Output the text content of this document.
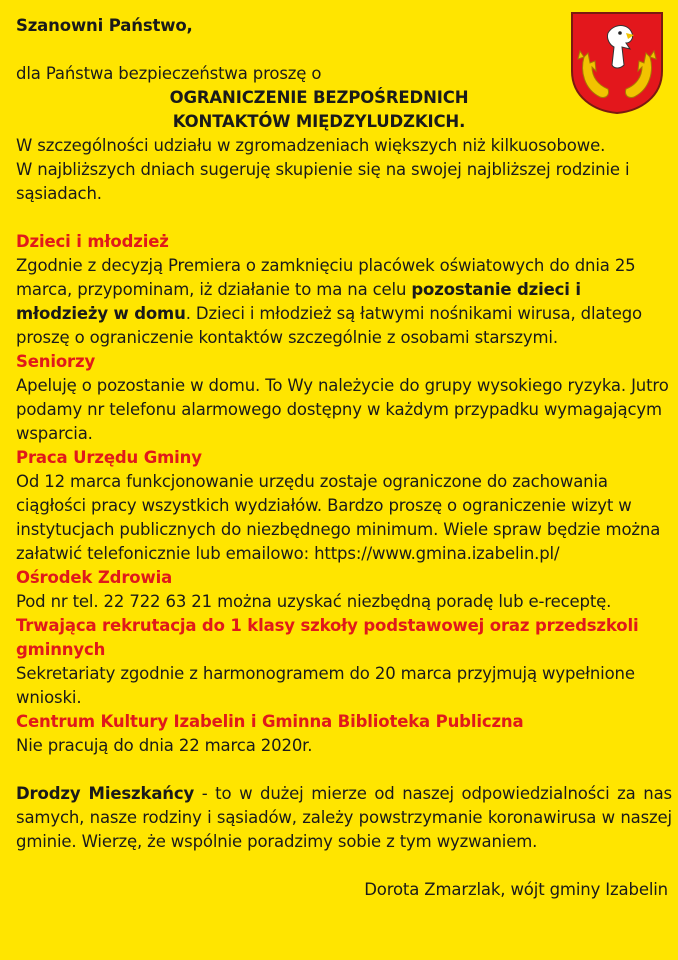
Szanowni Państwo,

dla Państwa bezpieczeństwa proszę o

OGRANICZENIE BEZPOŚREDNICH

KONTAKTÓW MIĘDZYLUDZKICH.

W szczególności udziału w zgromadzeniach większych niż kilkuosobowe.

W najbliższych dniach sugeruję skupienie się na swojej najbliższej rodzinie i sąsiadach.

Dzieci i młodzież

Zgodnie z decyzją Premiera o zamknięciu placówek oświatowych do dnia 25 marca, przypominam, iż działanie to ma na celu pozostanie dzieci i młodzieży w domu. Dzieci i młodzież są łatwymi nośnikami wirusa, dlatego proszę o ograniczenie kontaktów szczególnie z osobami starszymi.

Seniorzy

Apeluję o pozostanie w domu. To Wy należycie do grupy wysokiego ryzyka. Jutro podamy nr telefonu alarmowego dostępny w każdym przypadku wymagającym wsparcia.

Praca Urzędu Gminy

Od 12 marca funkcjonowanie urzędu zostaje ograniczone do zachowania ciągłości pracy wszystkich wydziałów. Bardzo proszę o ograniczenie wizyt w instytucjach publicznych do niezbędnego minimum. Wiele spraw będzie można załatwić telefonicznie lub emailowo: https://www.gmina.izabelin.pl/

Ośrodek Zdrowia

Pod nr tel. 22 722 63 21 można uzyskać niezbędną poradę lub e-receptę.

Trwająca rekrutacja do 1 klasy szkoły podstawowej oraz przedszkoli gminnych

Sekretariaty zgodnie z harmonogramem do 20 marca przyjmują wypełnione wnioski.

Centrum Kultury Izabelin i Gminna Biblioteka Publiczna

Nie pracują do dnia 22 marca 2020r.

Drodzy Mieszkańcy - to w dużej mierze od naszej odpowiedzialności za nas samych, nasze rodziny i sąsiadów, zależy powstrzymanie koronawirusa w naszej gminie. Wierzę, że wspólnie poradzimy sobie z tym wyzwaniem.

Dorota Zmarzlak, wójt gminy Izabelin
